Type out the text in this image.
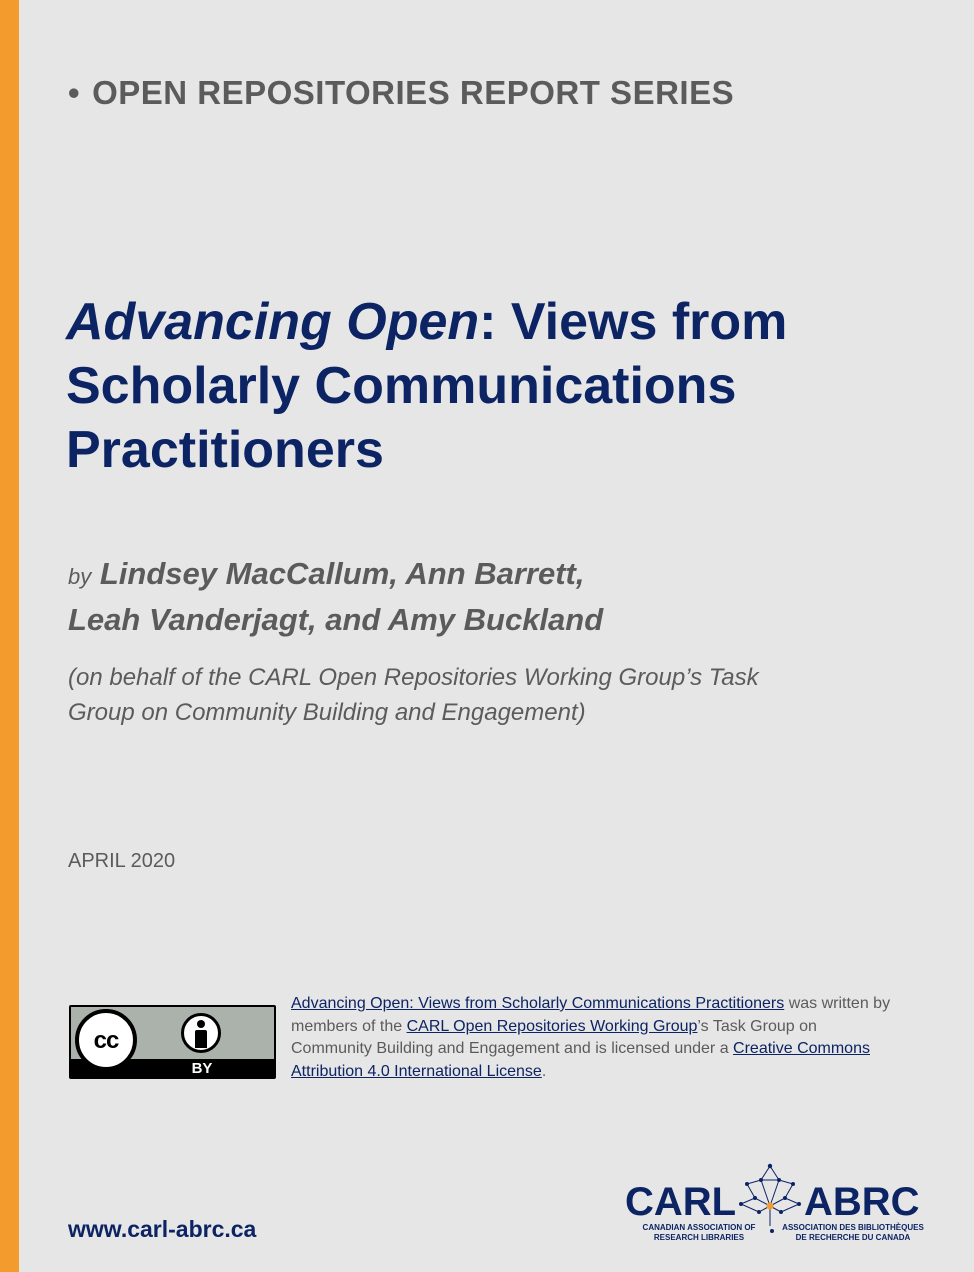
• OPEN REPOSITORIES REPORT SERIES
Advancing Open: Views from
Scholarly Communications
Practitioners
by Lindsey MacCallum, Ann Barrett,
Leah Vanderjagt, and Amy Buckland
(on behalf of the CARL Open Repositories Working Group’s Task
Group on Community Building and Engagement)
APRIL 2020
cc
BY
Advancing Open: Views from Scholarly Communications Practitioners was written by members of the CARL Open Repositories Working Group’s Task Group on Community Building and Engagement and is licensed under a Creative Commons Attribution 4.0 International License.
www.carl-abrc.ca
CARL ABRC
CANADIAN ASSOCIATION OF
RESEARCH LIBRARIES
ASSOCIATION DES BIBLIOTHÈQUES
DE RECHERCHE DU CANADA
